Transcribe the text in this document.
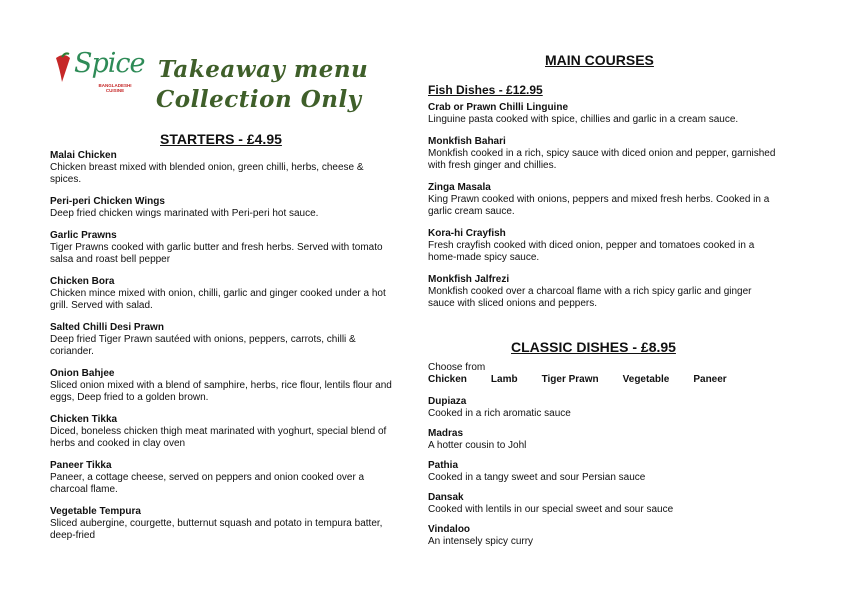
Spice
BANGLADESHI CUISINE
Takeaway menu
Collection Only
STARTERS - £4.95
Malai Chicken
Chicken breast mixed with blended onion, green chilli, herbs, cheese & spices.
Peri-peri Chicken Wings
Deep fried chicken wings marinated with Peri-peri hot sauce.
Garlic Prawns
Tiger Prawns cooked with garlic butter and fresh herbs. Served with tomato salsa and roast bell pepper
Chicken Bora
Chicken mince mixed with onion, chilli, garlic and ginger cooked under a hot grill. Served with salad.
Salted Chilli Desi Prawn
Deep fried Tiger Prawn sautéed with onions, peppers, carrots, chilli & coriander.
Onion Bahjee
Sliced onion mixed with a blend of samphire, herbs, rice flour, lentils flour and eggs, Deep fried to a golden brown.
Chicken Tikka
Diced, boneless chicken thigh meat marinated with yoghurt, special blend of herbs and cooked in clay oven
Paneer Tikka
Paneer, a cottage cheese, served on peppers and onion cooked over a charcoal flame.
Vegetable Tempura
Sliced aubergine, courgette, butternut squash and potato in tempura batter, deep-fried
MAIN COURSES
Fish Dishes - £12.95
Crab or Prawn Chilli Linguine
Linguine pasta cooked with spice, chillies and garlic in a cream sauce.
Monkfish Bahari
Monkfish cooked in a rich, spicy sauce with diced onion and pepper, garnished with fresh ginger and chillies.
Zinga Masala
King Prawn cooked with onions, peppers and mixed fresh herbs. Cooked in a garlic cream sauce.
Kora-hi Crayfish
Fresh crayfish cooked with diced onion, pepper and tomatoes cooked in a home-made spicy sauce.
Monkfish Jalfrezi
Monkfish cooked over a charcoal flame with a rich spicy garlic and ginger sauce with sliced onions and peppers.
CLASSIC DISHES - £8.95
Choose from
Chicken Lamb Tiger Prawn Vegetable Paneer
Dupiaza
Cooked in a rich aromatic sauce
Madras
A hotter cousin to Johl
Pathia
Cooked in a tangy sweet and sour Persian sauce
Dansak
Cooked with lentils in our special sweet and sour sauce
Vindaloo
An intensely spicy curry
